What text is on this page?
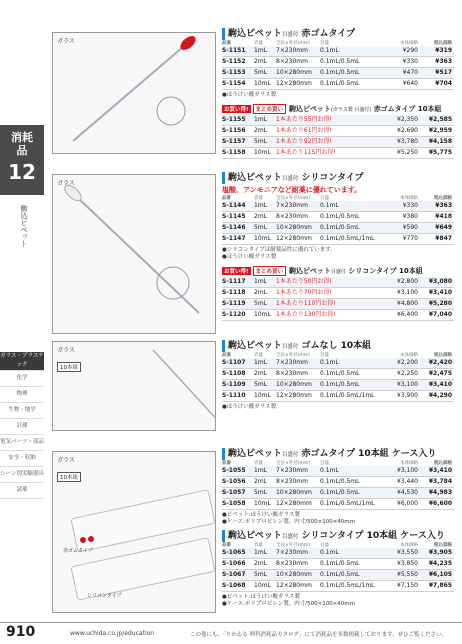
消耗品
12
駒込ピペット
ガラス・プラスチック
化学
物理
生物・地学
計測
電気パーツ・部品
安全・収納
シーン別実験器具
試薬
ガラス
ガラス
ガラス
10本組
ガラス
10本組
赤ゴムタイプ
シリコンタイプ
駒込ピペット目盛付 赤ゴムタイプ
品番	容量	全長×外径(mm)	目盛	本体価格	税込価格
S-1151	1mL	7×230mm	0.1mL	¥290	¥319
S-1152	2mL	8×230mm	0.1mL/0.5mL	¥330	¥363
S-1153	5mL	10×280mm	0.1mL/0.5mL	¥470	¥517
S-1154	10mL 12×280mm	0.1mL/0.5mL	¥640	¥704
●ほうけい酸ガラス製
お買い得!	まとめ買い 駒込ピペット (ガラス製 目盛付)
赤ゴムタイプ 10本組
S-1155	1mL	1本あたり55円お得!	¥2,350	¥2,585
S-1156	2mL	1本あたり61円お得!	¥2,690	¥2,959
S-1157	5mL	1本あたり92円お得!	¥3,780	¥4,158
S-1158	10mL 1本あたり115円お得!	¥5,250	¥5,775
駒込ピペット目盛付 シリコンタイプ
塩酸、アンモニアなど耐薬に優れています。
品番	容量	全長×外径(mm)	目盛	本体価格	税込価格
S-1144	1mL	7×230mm	0.1mL	¥330	¥363
S-1145	2mL	8×230mm	0.1mL/0.5mL	¥380	¥418
S-1146	5mL	10×280mm	0.1mL/0.5mL	¥590	¥649
S-1147	10mL 12×280mm	0.1mL/0.5mL/1mL	¥770	¥847
●シリコンタイプは耐薬品性に優れています。
●ほうけい酸ガラス製
お買い得!	まとめ買い 駒込ピペット 目盛付
シリコンタイプ 10本組
S-1117	1mL	1本あたり50円お得!	¥2,800	¥3,080
S-1118	2mL	1本あたり70円お得!	¥3,100	¥3,410
S-1119	5mL	1本あたり110円お得!	¥4,800	¥5,280
S-1120	10mL 1本あたり130円お得!	¥6,400	¥7,040
駒込ピペット目盛付 ゴムなし 10本組
品番	容量	全長×外径(mm)	目盛	本体価格	税込価格
S-1107	1mL	7×230mm	0.1mL	¥2,200	¥2,420
S-1108	2mL	8×230mm	0.1mL/0.5mL	¥2,250	¥2,475
S-1109	5mL	10×280mm	0.1mL/0.5mL	¥3,100	¥3,410
S-1110	10mL 12×280mm	0.1mL/0.5mL/1mL	¥3,900	¥4,290
●ほうけい酸ガラス製
駒込ピペット目盛付 赤ゴムタイプ 10本組 ケース入り
品番	容量	全長×外径(mm)	目盛	本体価格	税込価格
S-1055	1mL	7×230mm	0.1mL	¥3,100	¥3,410
S-1056	2mL	8×230mm	0.1mL/0.5mL	¥3,440	¥3,784
S-1057	5mL	10×280mm	0.1mL/0.5mL	¥4,530	¥4,983
S-1058	10mL 12×280mm	0.1mL/0.5mL/1mL	¥6,000	¥6,600
●ピペット:ほうけい酸ガラス製
●ケース:ポリプロピレン製、内寸/500×100×40mm
駒込ピペット目盛付 シリコンタイプ 10本組 ケース入り
品番	容量	全長×外径(mm)	目盛	本体価格	税込価格
S-1065	1mL	7×230mm	0.1mL	¥3,550	¥3,905
S-1066	2mL	8×230mm	0.1mL/0.5mL	¥3,850	¥4,235
S-1067	5mL	10×280mm	0.1mL/0.5mL	¥5,550	¥6,105
S-1068	10mL 12×280mm	0.1mL/0.5mL/1mL	¥7,150	¥7,865
●ピペット:ほうけい酸ガラス製
●ケース:ポリプロピレン製、内寸/500×100×40mm
910	www.uchida.co.jp/education	この他にも、「りかゐる 理科消耗品カタログ」にて消耗品を多数掲載しております。ぜひご覧ください。
